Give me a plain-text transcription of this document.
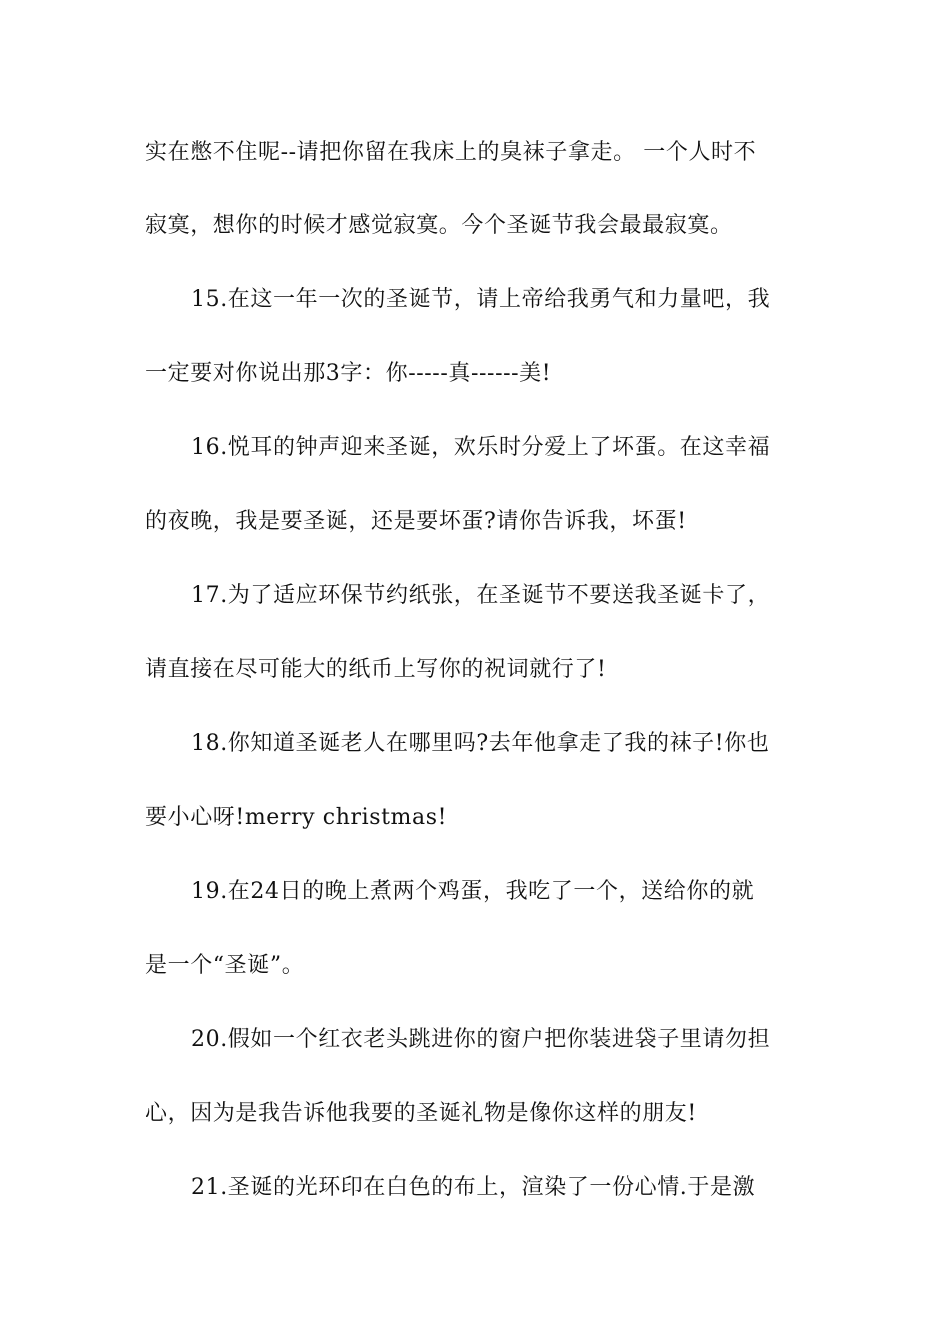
实在憋不住呢--请把你留在我床上的臭袜子拿走。 一个人时不
寂寞，想你的时候才感觉寂寞。今个圣诞节我会最最寂寞。
15.在这一年一次的圣诞节，请上帝给我勇气和力量吧，我
一定要对你说出那3字：你-----真------美!
16.悦耳的钟声迎来圣诞，欢乐时分爱上了坏蛋。在这幸福
的夜晚，我是要圣诞，还是要坏蛋?请你告诉我，坏蛋!
17.为了适应环保节约纸张，在圣诞节不要送我圣诞卡了，
请直接在尽可能大的纸币上写你的祝词就行了!
18.你知道圣诞老人在哪里吗?去年他拿走了我的袜子!你也
要小心呀!merry christmas!
19.在24日的晚上煮两个鸡蛋，我吃了一个，送给你的就
是一个“圣诞”。
20.假如一个红衣老头跳进你的窗户把你装进袋子里请勿担
心，因为是我告诉他我要的圣诞礼物是像你这样的朋友!
21.圣诞的光环印在白色的布上，渲染了一份心情.于是激
